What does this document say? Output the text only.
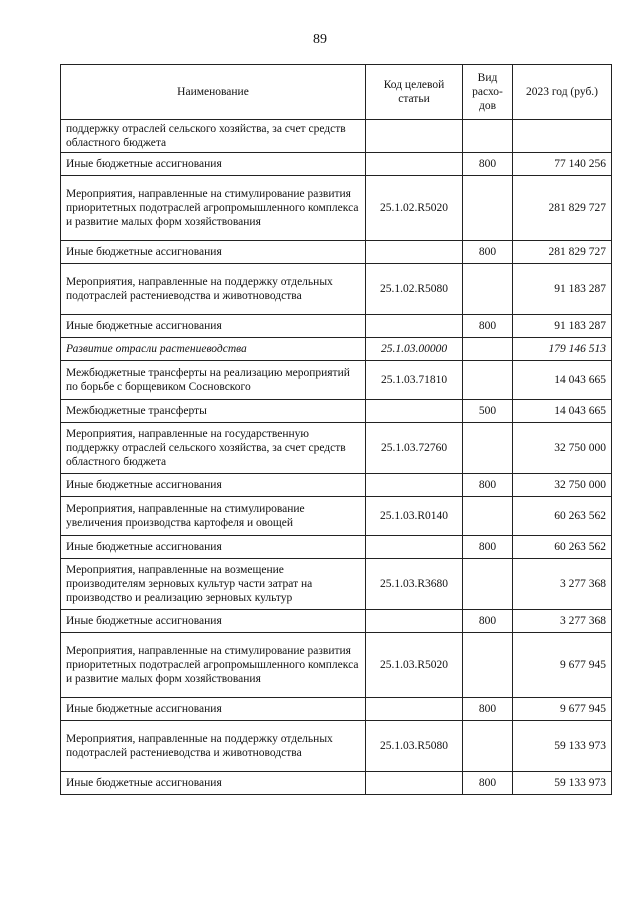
89
Наименование	Код целевой статьи	Вид расхо-дов	2023 год (руб.)
поддержку отраслей сельского хозяйства, за счет средств областного бюджета			
Иные бюджетные ассигнования		800	77 140 256
Мероприятия, направленные на стимулирование развития приоритетных подотраслей агропромышленного комплекса и развитие малых форм хозяйствования	25.1.02.R5020		281 829 727
Иные бюджетные ассигнования		800	281 829 727
Мероприятия, направленные на поддержку отдельных подотраслей растениеводства и животноводства	25.1.02.R5080		91 183 287
Иные бюджетные ассигнования		800	91 183 287
Развитие отрасли растениеводства	25.1.03.00000		179 146 513
Межбюджетные трансферты на реализацию мероприятий по борьбе с борщевиком Сосновского	25.1.03.71810		14 043 665
Межбюджетные трансферты		500	14 043 665
Мероприятия, направленные на государственную поддержку отраслей сельского хозяйства, за счет средств областного бюджета	25.1.03.72760		32 750 000
Иные бюджетные ассигнования		800	32 750 000
Мероприятия, направленные на стимулирование увеличения производства картофеля и овощей	25.1.03.R0140		60 263 562
Иные бюджетные ассигнования		800	60 263 562
Мероприятия, направленные на возмещение производителям зерновых культур части затрат на производство и реализацию зерновых культур	25.1.03.R3680		3 277 368
Иные бюджетные ассигнования		800	3 277 368
Мероприятия, направленные на стимулирование развития приоритетных подотраслей агропромышленного комплекса и развитие малых форм хозяйствования	25.1.03.R5020		9 677 945
Иные бюджетные ассигнования		800	9 677 945
Мероприятия, направленные на поддержку отдельных подотраслей растениеводства и животноводства	25.1.03.R5080		59 133 973
Иные бюджетные ассигнования		800	59 133 973
